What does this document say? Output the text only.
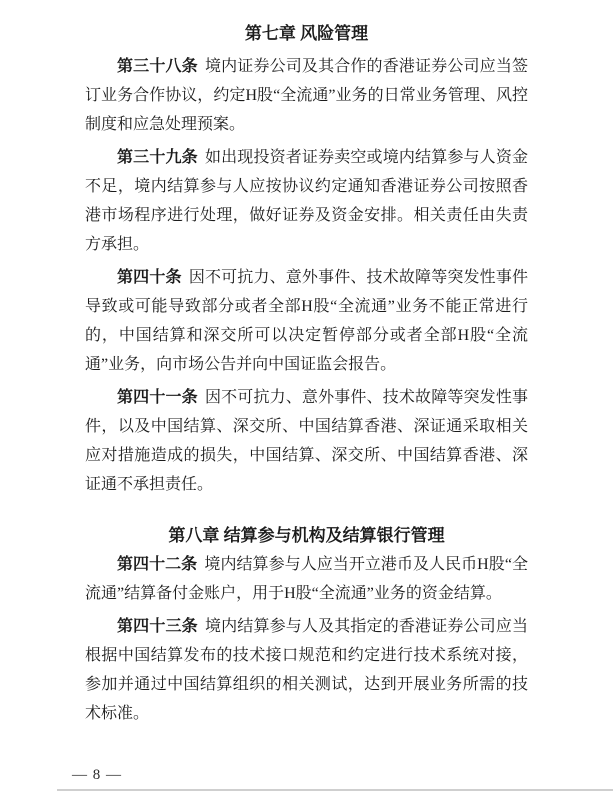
第七章 风险管理

第三十八条 境内证券公司及其合作的香港证券公司应当签订业务合作协议，约定H股“全流通”业务的日常业务管理、风控制度和应急处理预案。

第三十九条 如出现投资者证券卖空或境内结算参与人资金不足，境内结算参与人应按协议约定通知香港证券公司按照香港市场程序进行处理，做好证券及资金安排。相关责任由失责方承担。

第四十条 因不可抗力、意外事件、技术故障等突发性事件导致或可能导致部分或者全部H股“全流通”业务不能正常进行的，中国结算和深交所可以决定暂停部分或者全部H股“全流通”业务，向市场公告并向中国证监会报告。

第四十一条 因不可抗力、意外事件、技术故障等突发性事件，以及中国结算、深交所、中国结算香港、深证通采取相关应对措施造成的损失，中国结算、深交所、中国结算香港、深证通不承担责任。

第八章 结算参与机构及结算银行管理

第四十二条 境内结算参与人应当开立港币及人民币H股“全流通”结算备付金账户，用于H股“全流通”业务的资金结算。

第四十三条 境内结算参与人及其指定的香港证券公司应当根据中国结算发布的技术接口规范和约定进行技术系统对接，参加并通过中国结算组织的相关测试，达到开展业务所需的技术标准。

— 8 —
